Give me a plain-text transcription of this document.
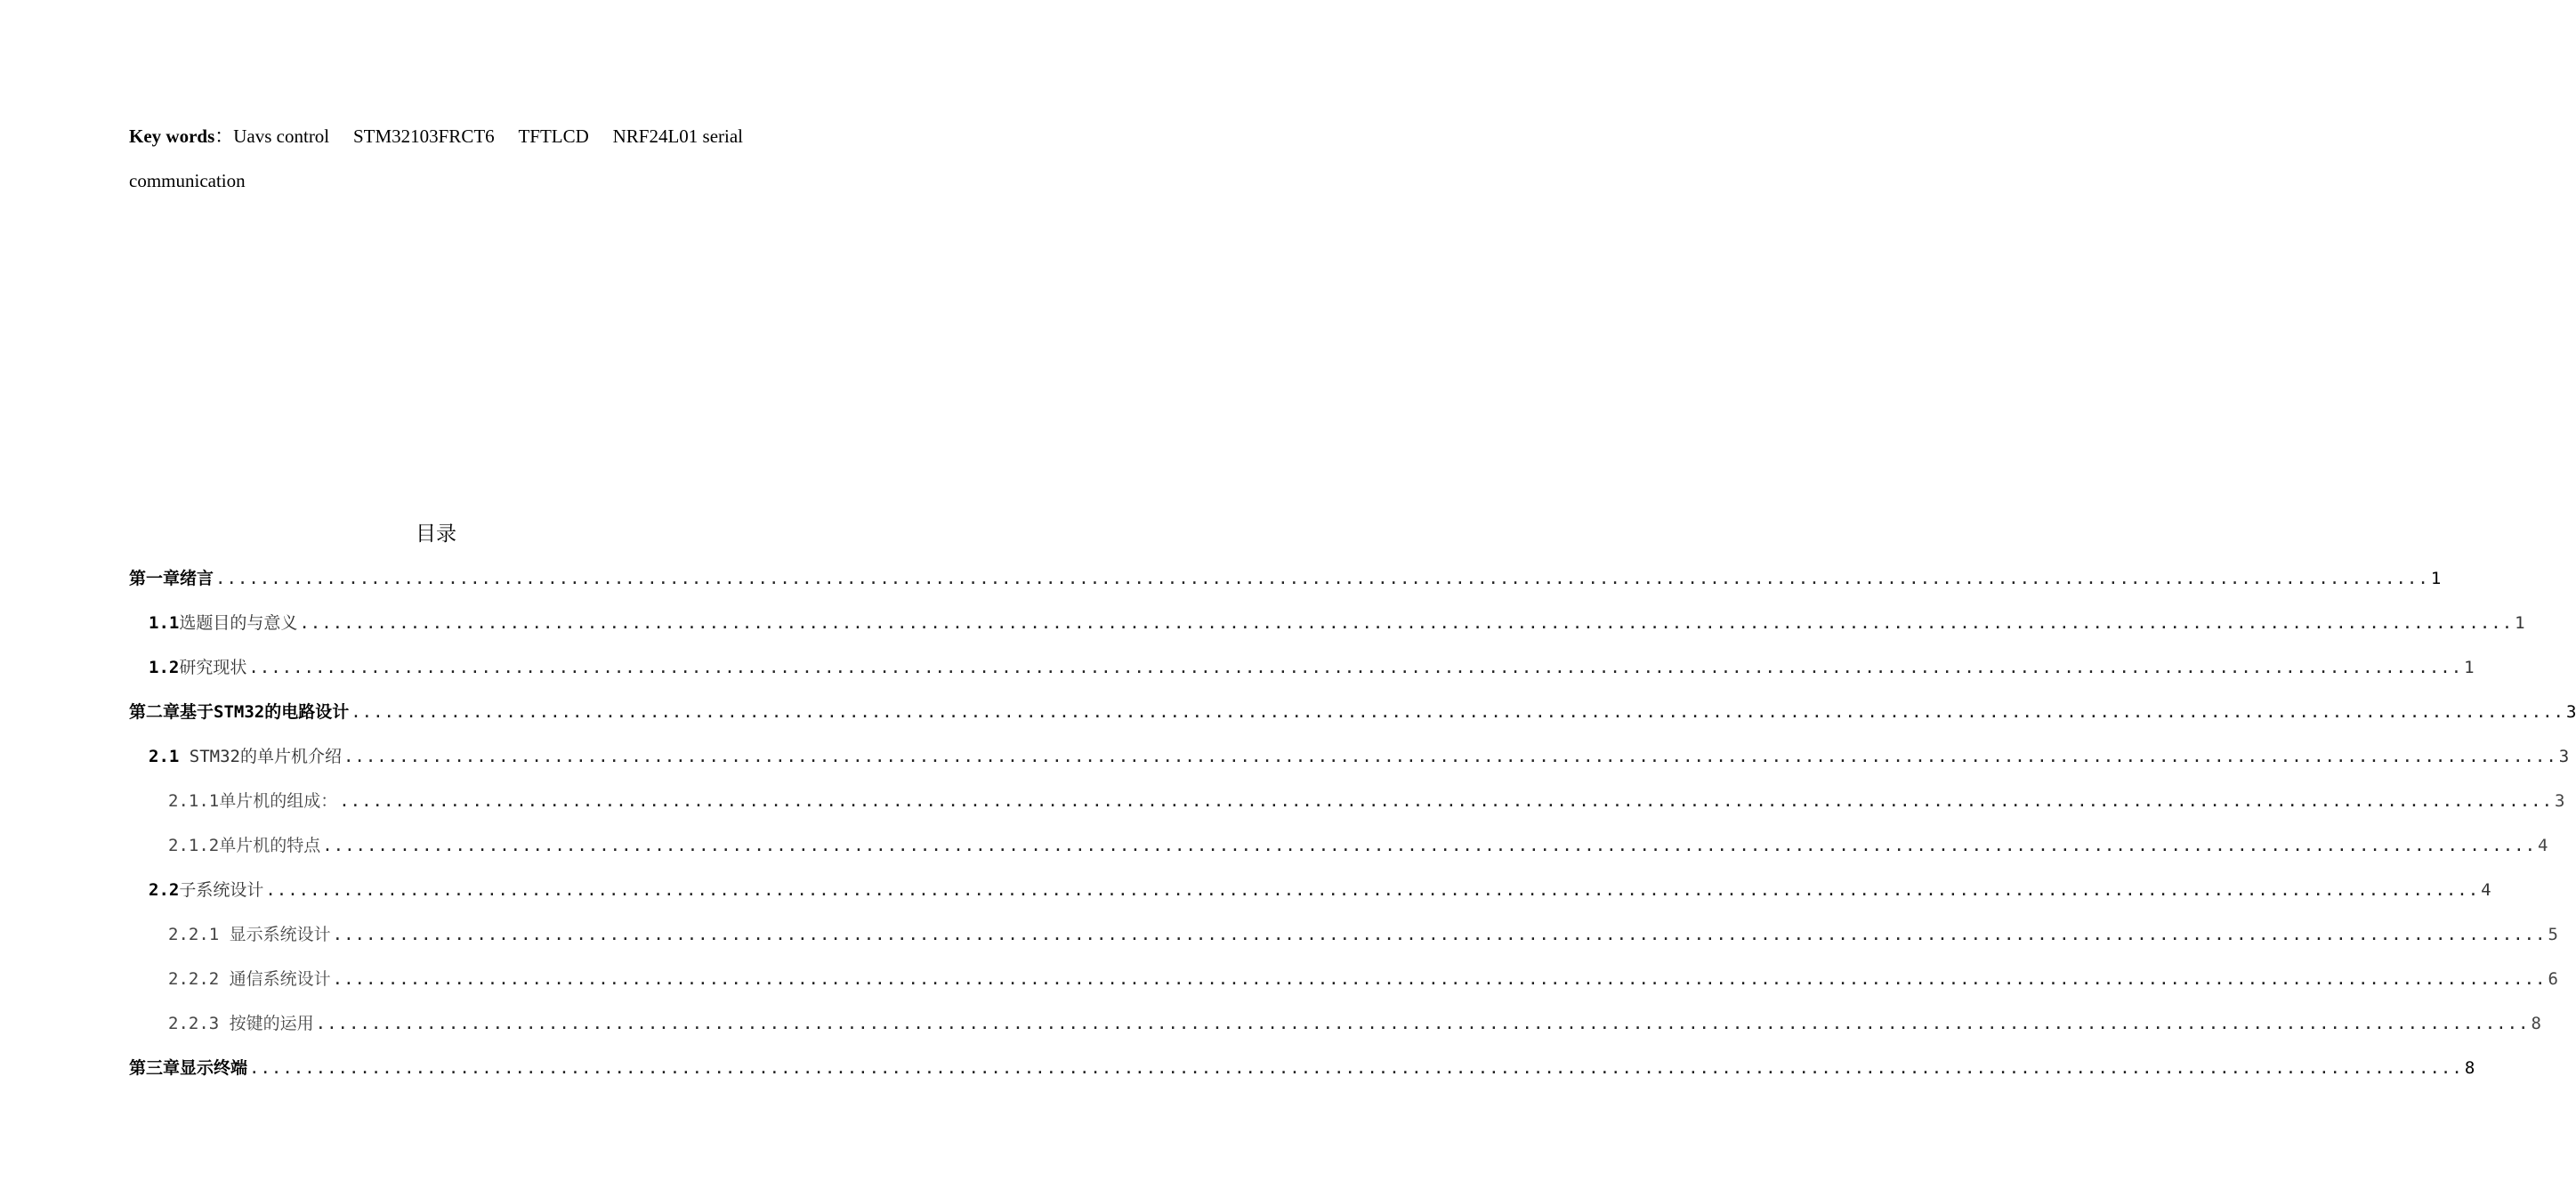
Key words：Uavs control STM32103FRCT6 TFTLCD NRF24L01 serial
communication
目录
第一章绪言 ........................................................................................................................................................................................................ 1
1.1选题目的与意义 ........................................................................................................................................................................................................ 1
1.2研究现状 ........................................................................................................................................................................................................ 1
第二章基于STM32的电路设计 ........................................................................................................................................................................................................ 3
2.1 STM32的单片机介绍 ........................................................................................................................................................................................................ 3
2.1.1单片机的组成： ........................................................................................................................................................................................................ 3
2.1.2单片机的特点 ........................................................................................................................................................................................................ 4
2.2子系统设计 ........................................................................................................................................................................................................ 4
2.2.1 显示系统设计 ........................................................................................................................................................................................................ 5
2.2.2 通信系统设计 ........................................................................................................................................................................................................ 6
2.2.3 按键的运用 ........................................................................................................................................................................................................ 8
第三章显示终端 ........................................................................................................................................................................................................ 8
